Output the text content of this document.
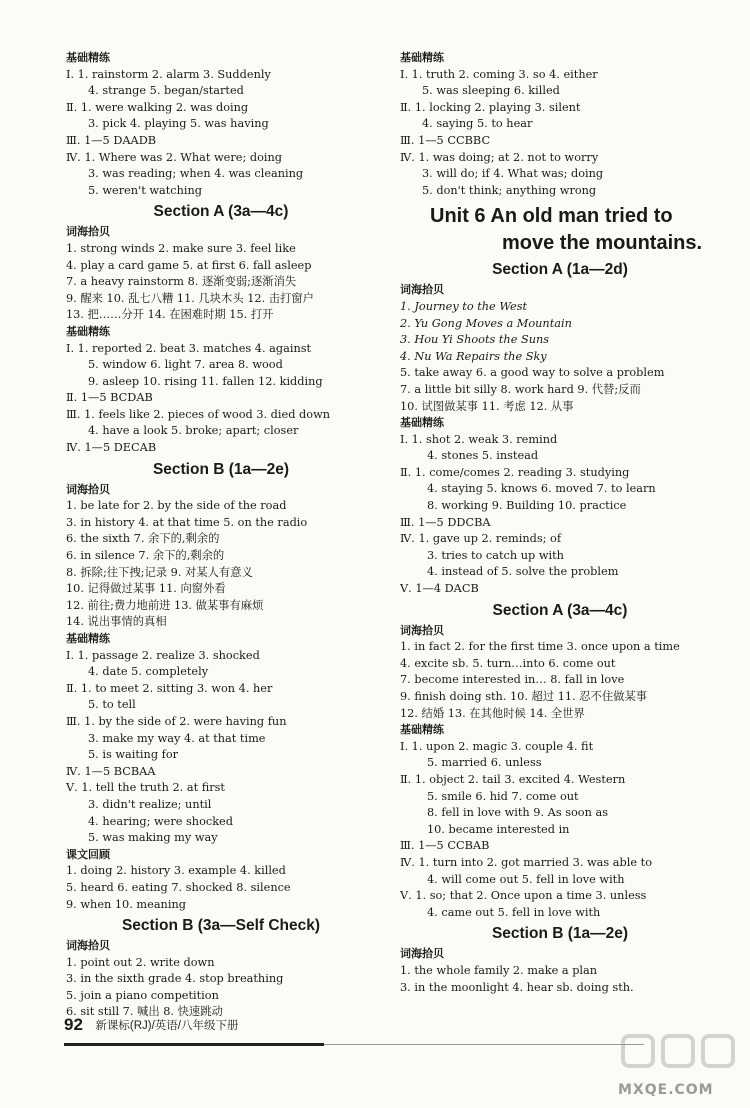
基础精练
Ⅰ. 1. rainstorm 2. alarm 3. Suddenly
4. strange 5. began/started
Ⅱ. 1. were walking 2. was doing
3. pick 4. playing 5. was having
Ⅲ. 1—5 DAADB
Ⅳ. 1. Where was 2. What were; doing
3. was reading; when 4. was cleaning
5. weren't watching
Section A (3a—4c)
词海拾贝
1. strong winds 2. make sure 3. feel like
4. play a card game 5. at first 6. fall asleep
7. a heavy rainstorm 8. 逐渐变弱;逐渐消失
9. 醒来 10. 乱七八糟 11. 几块木头 12. 击打窗户
13. 把……分开 14. 在困难时期 15. 打开
基础精练
Ⅰ. 1. reported 2. beat 3. matches 4. against
5. window 6. light 7. area 8. wood
9. asleep 10. rising 11. fallen 12. kidding
Ⅱ. 1—5 BCDAB
Ⅲ. 1. feels like 2. pieces of wood 3. died down
4. have a look 5. broke; apart; closer
Ⅳ. 1—5 DECAB
Section B (1a—2e)
词海拾贝
1. be late for 2. by the side of the road
3. in history 4. at that time 5. on the radio
6. the sixth 7. 余下的,剩余的
6. in silence 7. 余下的,剩余的
8. 拆除;往下拽;记录 9. 对某人有意义
10. 记得做过某事 11. 向窗外看
12. 前往;费力地前进 13. 做某事有麻烦
14. 说出事情的真相
基础精练
Ⅰ. 1. passage 2. realize 3. shocked
4. date 5. completely
Ⅱ. 1. to meet 2. sitting 3. won 4. her
5. to tell
Ⅲ. 1. by the side of 2. were having fun
3. make my way 4. at that time
5. is waiting for
Ⅳ. 1—5 BCBAA
Ⅴ. 1. tell the truth 2. at first
3. didn't realize; until
4. hearing; were shocked
5. was making my way
课文回顾
1. doing 2. history 3. example 4. killed
5. heard 6. eating 7. shocked 8. silence
9. when 10. meaning
Section B (3a—Self Check)
词海拾贝
1. point out 2. write down
3. in the sixth grade 4. stop breathing
5. join a piano competition
6. sit still 7. 喊出 8. 快速跳动
基础精练
Ⅰ. 1. truth 2. coming 3. so 4. either
5. was sleeping 6. killed
Ⅱ. 1. locking 2. playing 3. silent
4. saying 5. to hear
Ⅲ. 1—5 CCBBC
Ⅳ. 1. was doing; at 2. not to worry
3. will do; if 4. What was; doing
5. don't think; anything wrong
Unit 6 An old man tried to
move the mountains.
Section A (1a—2d)
词海拾贝
1. Journey to the West
2. Yu Gong Moves a Mountain
3. Hou Yi Shoots the Suns
4. Nu Wa Repairs the Sky
5. take away 6. a good way to solve a problem
7. a little bit silly 8. work hard 9. 代替;反而
10. 试图做某事 11. 考虑 12. 从事
基础精练
Ⅰ. 1. shot 2. weak 3. remind
4. stones 5. instead
Ⅱ. 1. come/comes 2. reading 3. studying
4. staying 5. knows 6. moved 7. to learn
8. working 9. Building 10. practice
Ⅲ. 1—5 DDCBA
Ⅳ. 1. gave up 2. reminds; of
3. tries to catch up with
4. instead of 5. solve the problem
Ⅴ. 1—4 DACB
Section A (3a—4c)
词海拾贝
1. in fact 2. for the first time 3. once upon a time
4. excite sb. 5. turn…into 6. come out
7. become interested in… 8. fall in love
9. finish doing sth. 10. 超过 11. 忍不住做某事
12. 结婚 13. 在其他时候 14. 全世界
基础精练
Ⅰ. 1. upon 2. magic 3. couple 4. fit
5. married 6. unless
Ⅱ. 1. object 2. tail 3. excited 4. Western
5. smile 6. hid 7. come out
8. fell in love with 9. As soon as
10. became interested in
Ⅲ. 1—5 CCBAB
Ⅳ. 1. turn into 2. got married 3. was able to
4. will come out 5. fell in love with
Ⅴ. 1. so; that 2. Once upon a time 3. unless
4. came out 5. fell in love with
Section B (1a—2e)
词海拾贝
1. the whole family 2. make a plan
3. in the moonlight 4. hear sb. doing sth.
92 新课标(RJ)/英语/八年级下册
MXQE.COM
